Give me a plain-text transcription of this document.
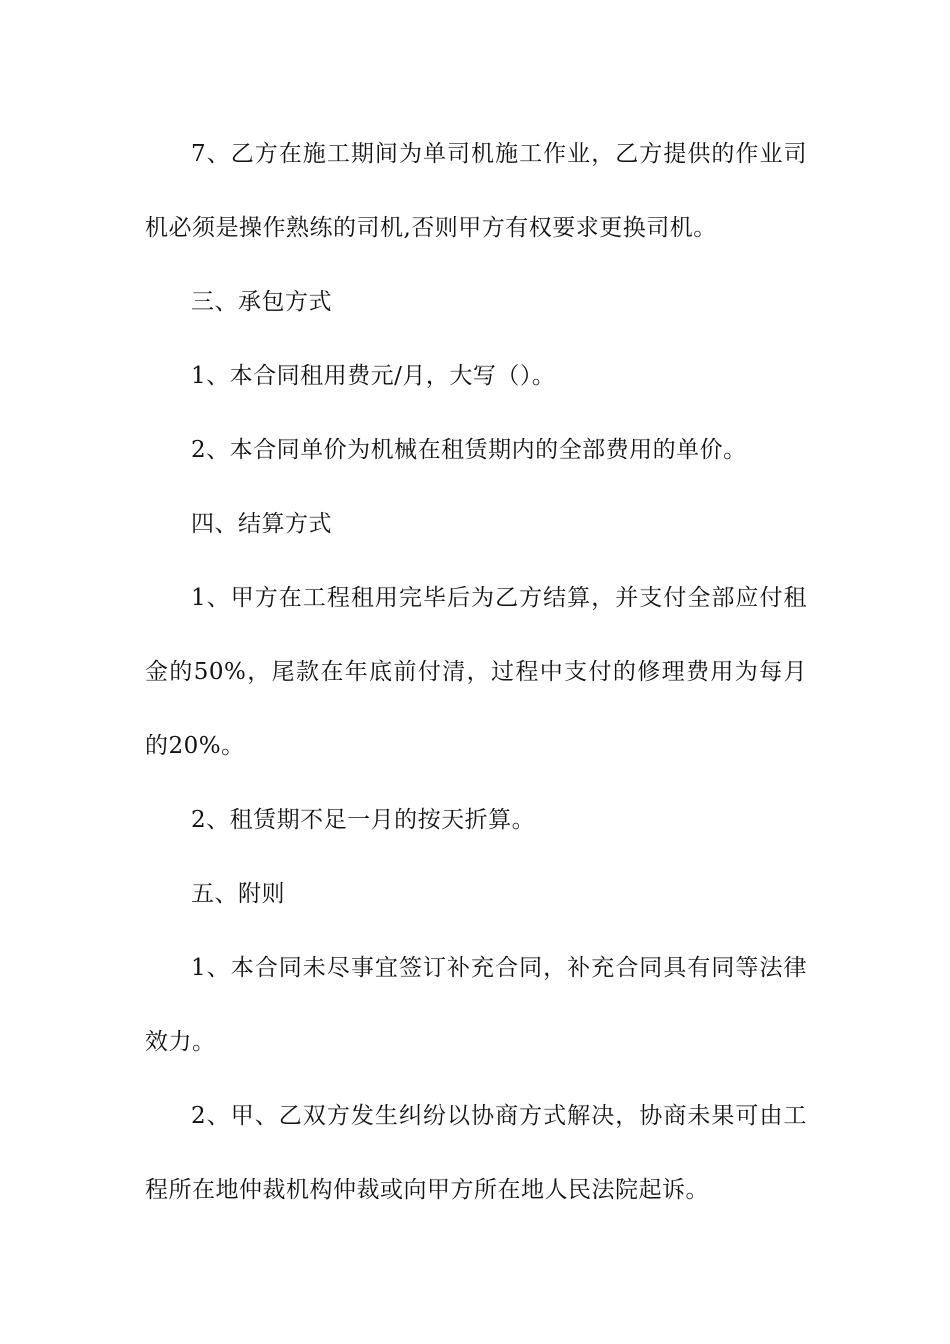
7、乙方在施工期间为单司机施工作业，乙方提供的作业司机必须是操作熟练的司机,否则甲方有权要求更换司机。

三、承包方式

1、本合同租用费元/月，大写（）。

2、本合同单价为机械在租赁期内的全部费用的单价。

四、结算方式

1、甲方在工程租用完毕后为乙方结算，并支付全部应付租金的50%，尾款在年底前付清，过程中支付的修理费用为每月的20%。

2、租赁期不足一月的按天折算。

五、附则

1、本合同未尽事宜签订补充合同，补充合同具有同等法律效力。

2、甲、乙双方发生纠纷以协商方式解决，协商未果可由工程所在地仲裁机构仲裁或向甲方所在地人民法院起诉。
